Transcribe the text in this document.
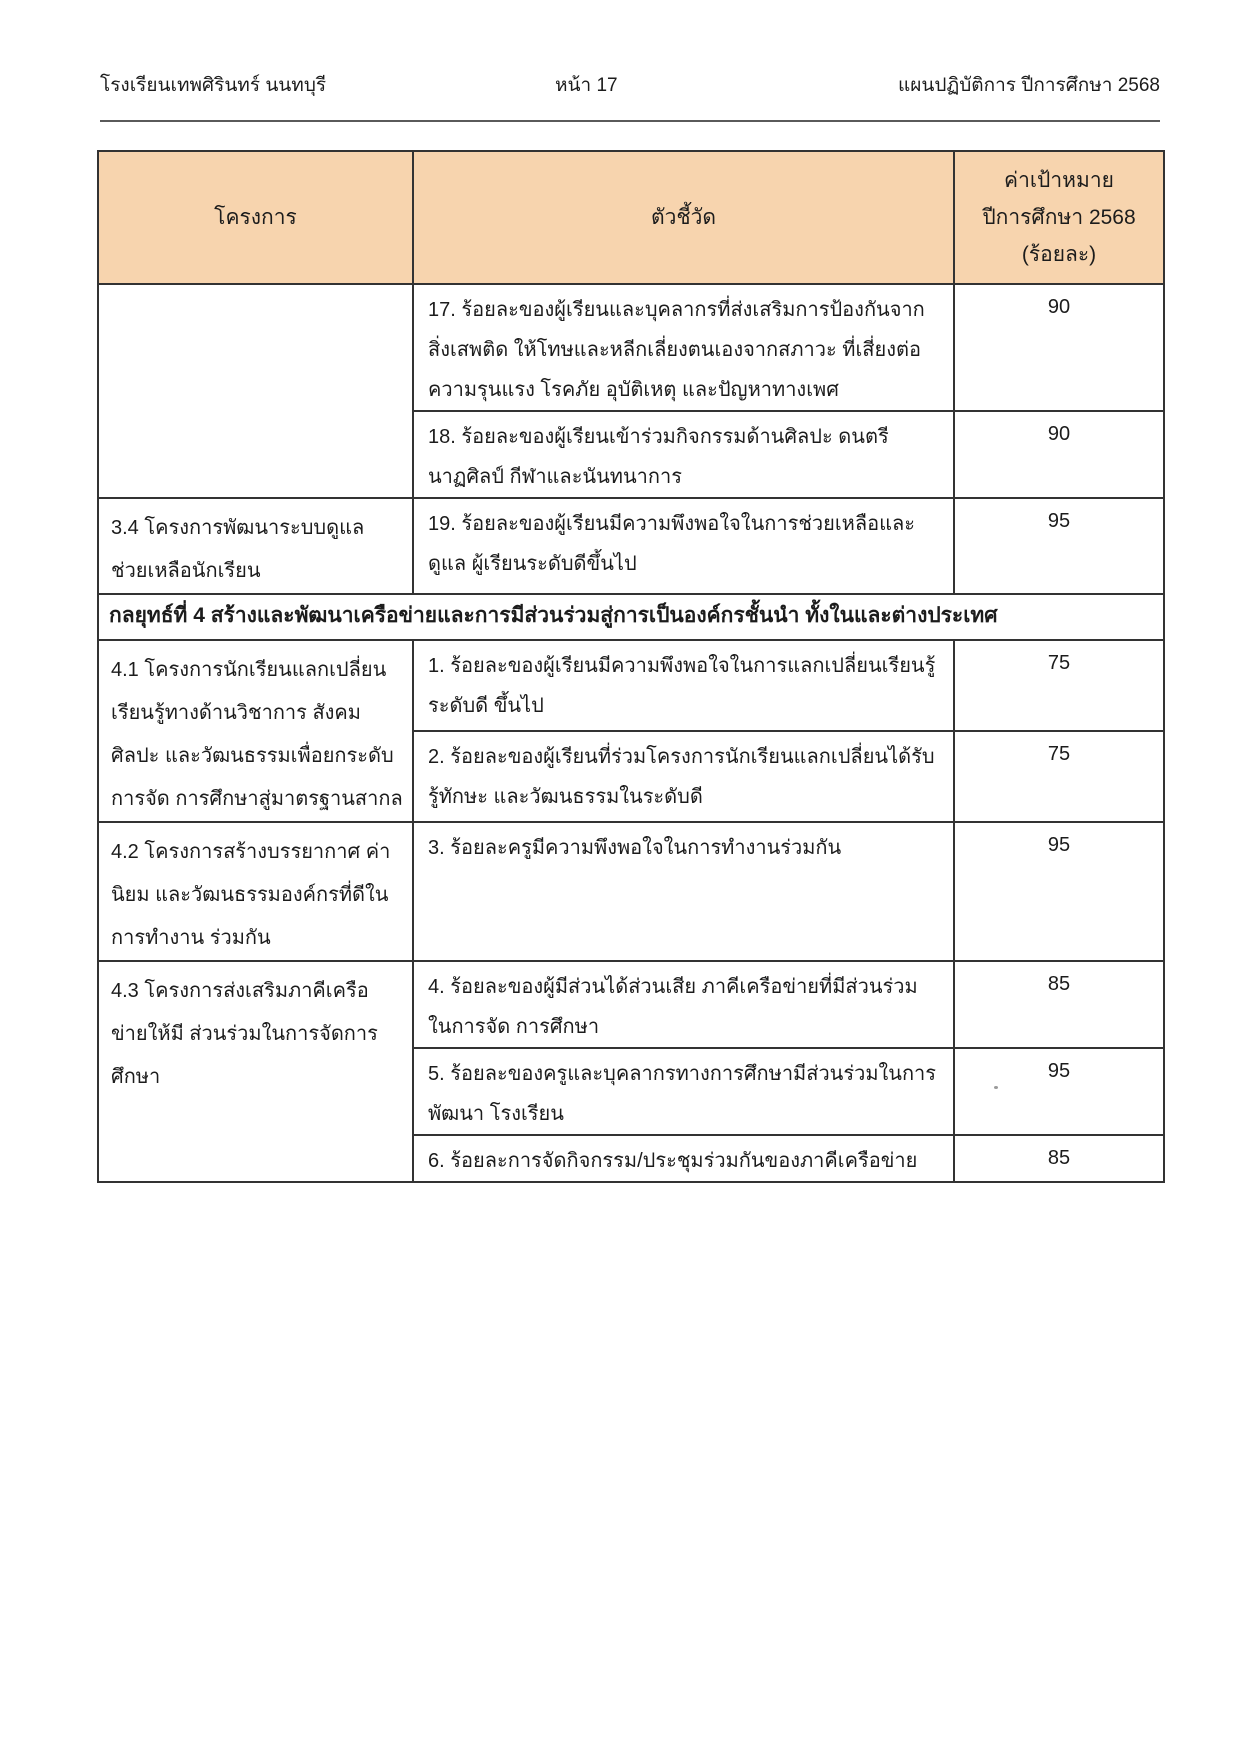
โรงเรียนเทพศิรินทร์ นนทบุรี	หน้า 17	แผนปฏิบัติการ ปีการศึกษา 2568
โครงการ	ตัวชี้วัด	ค่าเป้าหมาย
ปีการศึกษา 2568
(ร้อยละ)

	17. ร้อยละของผู้เรียนและบุคลากรที่ส่งเสริมการป้องกันจากสิ่งเสพติด ให้โทษและหลีกเลี่ยงตนเองจากสภาวะ ที่เสี่ยงต่อ ความรุนแรง โรคภัย อุบัติเหตุ และปัญหาทางเพศ	90
	18. ร้อยละของผู้เรียนเข้าร่วมกิจกรรมด้านศิลปะ ดนตรี นาฏศิลป์ กีฬาและนันทนาการ	90
3.4 โครงการพัฒนาระบบดูแล ช่วยเหลือนักเรียน	19. ร้อยละของผู้เรียนมีความพึงพอใจในการช่วยเหลือและดูแล ผู้เรียนระดับดีขึ้นไป	95
กลยุทธ์ที่ 4 สร้างและพัฒนาเครือข่ายและการมีส่วนร่วมสู่การเป็นองค์กรชั้นนำ ทั้งในและต่างประเทศ		
4.1 โครงการนักเรียนแลกเปลี่ยน เรียนรู้ทางด้านวิชาการ สังคม ศิลปะ และวัฒนธรรมเพื่อยกระดับการจัด การศึกษาสู่มาตรฐานสากล	1. ร้อยละของผู้เรียนมีความพึงพอใจในการแลกเปลี่ยนเรียนรู้ระดับดี ขึ้นไป	75
	2. ร้อยละของผู้เรียนที่ร่วมโครงการนักเรียนแลกเปลี่ยนได้รับรู้ทักษะ และวัฒนธรรมในระดับดี	75
4.2 โครงการสร้างบรรยากาศ ค่านิยม และวัฒนธรรมองค์กรที่ดีในการทำงาน ร่วมกัน	3. ร้อยละครูมีความพึงพอใจในการทำงานร่วมกัน	95
4.3 โครงการส่งเสริมภาคีเครือข่ายให้มี ส่วนร่วมในการจัดการศึกษา	4. ร้อยละของผู้มีส่วนได้ส่วนเสีย ภาคีเครือข่ายที่มีส่วนร่วมในการจัด การศึกษา	85
	5. ร้อยละของครูและบุคลากรทางการศึกษามีส่วนร่วมในการพัฒนา โรงเรียน	95
	6. ร้อยละการจัดกิจกรรม/ประชุมร่วมกันของภาคีเครือข่าย	85
